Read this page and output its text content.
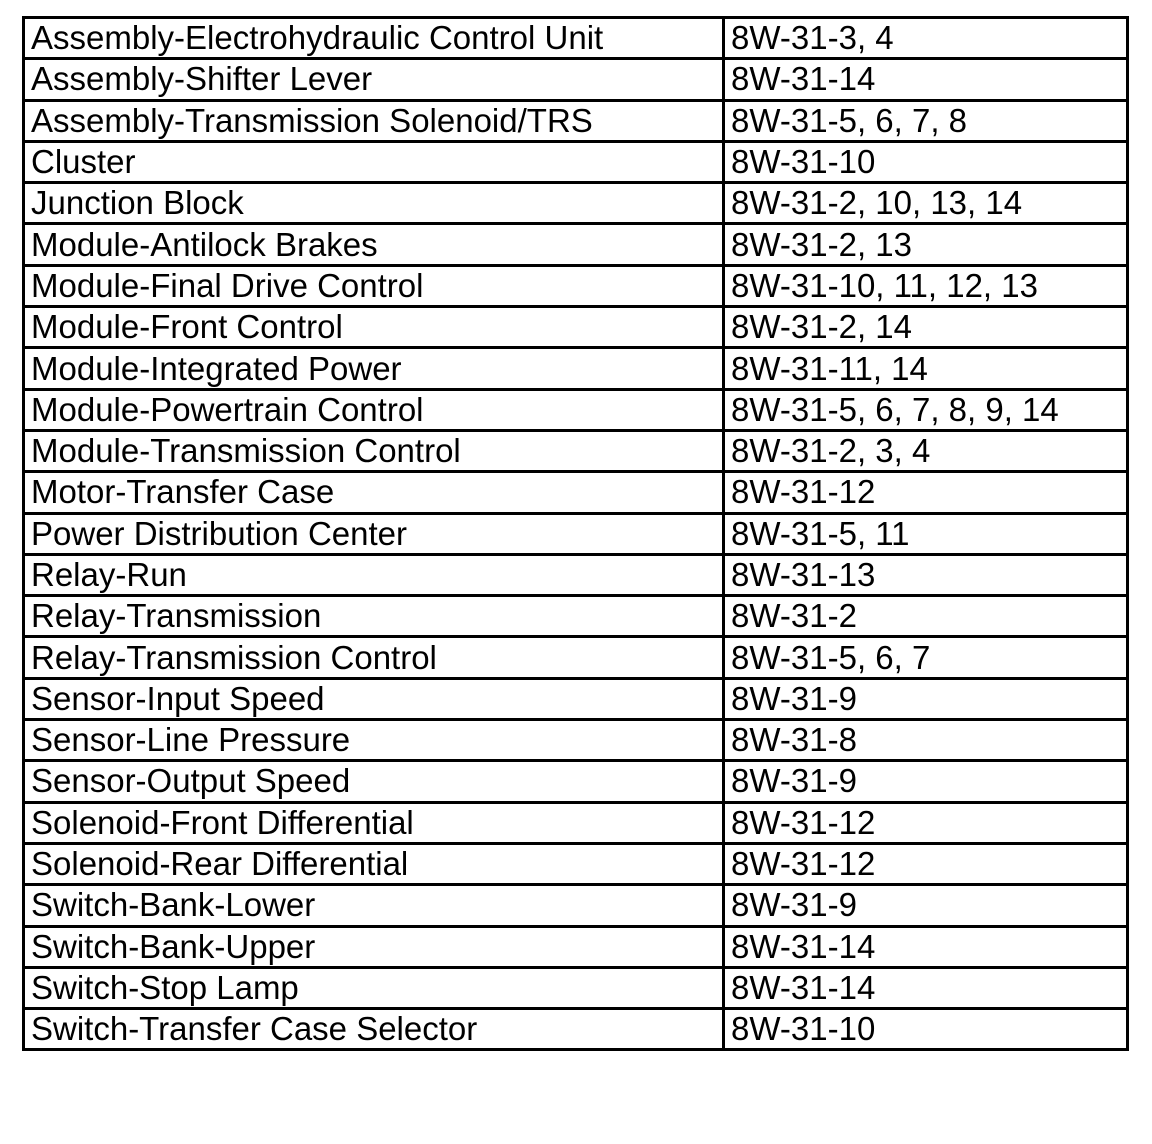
Assembly-Electrohydraulic Control Unit	8W-31-3, 4
Assembly-Shifter Lever	8W-31-14
Assembly-Transmission Solenoid/TRS	8W-31-5, 6, 7, 8
Cluster	8W-31-10
Junction Block	8W-31-2, 10, 13, 14
Module-Antilock Brakes	8W-31-2, 13
Module-Final Drive Control	8W-31-10, 11, 12, 13
Module-Front Control	8W-31-2, 14
Module-Integrated Power	8W-31-11, 14
Module-Powertrain Control	8W-31-5, 6, 7, 8, 9, 14
Module-Transmission Control	8W-31-2, 3, 4
Motor-Transfer Case	8W-31-12
Power Distribution Center	8W-31-5, 11
Relay-Run	8W-31-13
Relay-Transmission	8W-31-2
Relay-Transmission Control	8W-31-5, 6, 7
Sensor-Input Speed	8W-31-9
Sensor-Line Pressure	8W-31-8
Sensor-Output Speed	8W-31-9
Solenoid-Front Differential	8W-31-12
Solenoid-Rear Differential	8W-31-12
Switch-Bank-Lower	8W-31-9
Switch-Bank-Upper	8W-31-14
Switch-Stop Lamp	8W-31-14
Switch-Transfer Case Selector	8W-31-10
